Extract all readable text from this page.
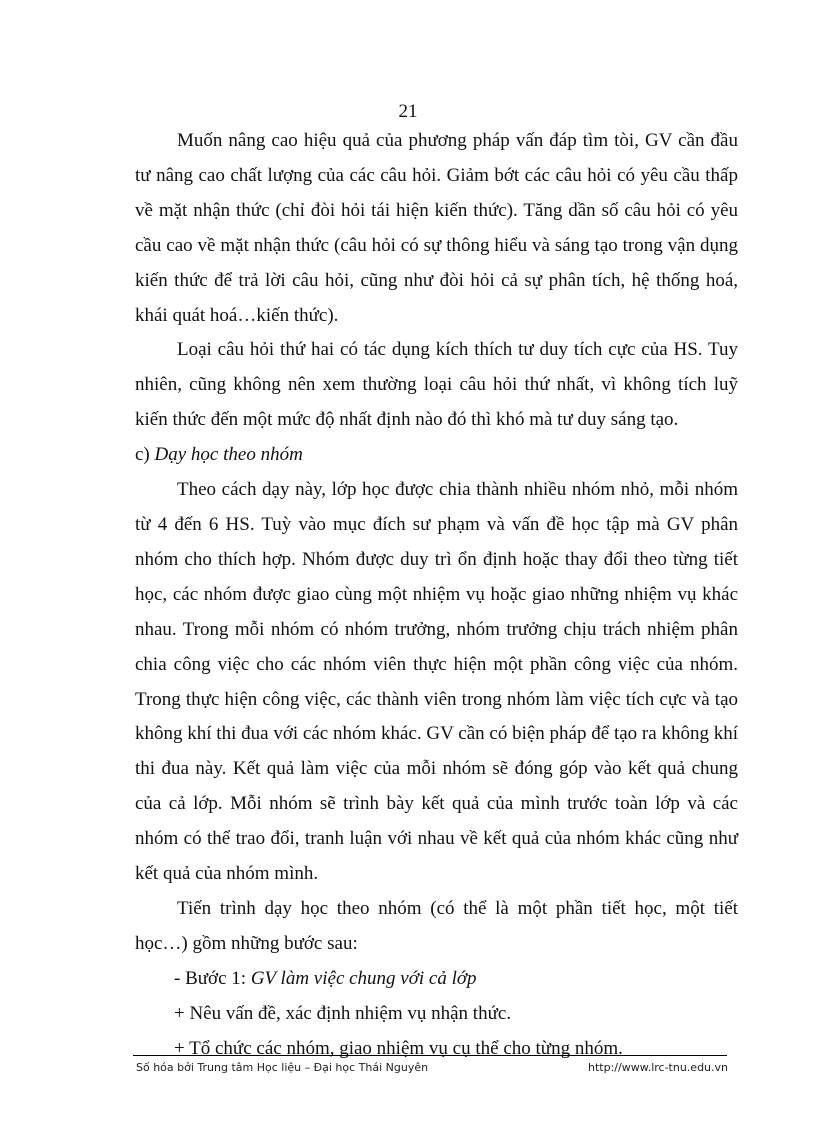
21

Muốn nâng cao hiệu quả của phương pháp vấn đáp tìm tòi, GV cần đầu tư nâng cao chất lượng của các câu hỏi. Giảm bớt các câu hỏi có yêu cầu thấp về mặt nhận thức (chỉ đòi hỏi tái hiện kiến thức). Tăng dần số câu hỏi có yêu cầu cao về mặt nhận thức (câu hỏi có sự thông hiểu và sáng tạo trong vận dụng kiến thức để trả lời câu hỏi, cũng như đòi hỏi cả sự phân tích, hệ thống hoá, khái quát hoá…kiến thức).

Loại câu hỏi thứ hai có tác dụng kích thích tư duy tích cực của HS. Tuy nhiên, cũng không nên xem thường loại câu hỏi thứ nhất, vì không tích luỹ kiến thức đến một mức độ nhất định nào đó thì khó mà tư duy sáng tạo.

c) Dạy học theo nhóm

Theo cách dạy này, lớp học được chia thành nhiều nhóm nhỏ, mỗi nhóm từ 4 đến 6 HS. Tuỳ vào mục đích sư phạm và vấn đề học tập mà GV phân nhóm cho thích hợp. Nhóm được duy trì ổn định hoặc thay đổi theo từng tiết học, các nhóm được giao cùng một nhiệm vụ hoặc giao những nhiệm vụ khác nhau. Trong mỗi nhóm có nhóm trưởng, nhóm trưởng chịu trách nhiệm phân chia công việc cho các nhóm viên thực hiện một phần công việc của nhóm. Trong thực hiện công việc, các thành viên trong nhóm làm việc tích cực và tạo không khí thi đua với các nhóm khác. GV cần có biện pháp để tạo ra không khí thi đua này. Kết quả làm việc của mỗi nhóm sẽ đóng góp vào kết quả chung của cả lớp. Mỗi nhóm sẽ trình bày kết quả của mình trước toàn lớp và các nhóm có thể trao đổi, tranh luận với nhau về kết quả của nhóm khác cũng như kết quả của nhóm mình.

Tiến trình dạy học theo nhóm (có thể là một phần tiết học, một tiết học…) gồm những bước sau:

- Bước 1: GV làm việc chung với cả lớp

+ Nêu vấn đề, xác định nhiệm vụ nhận thức.

+ Tổ chức các nhóm, giao nhiệm vụ cụ thể cho từng nhóm.

Số hóa bởi Trung tâm Học liệu – Đại học Thái Nguyên	http://www.lrc-tnu.edu.vn
